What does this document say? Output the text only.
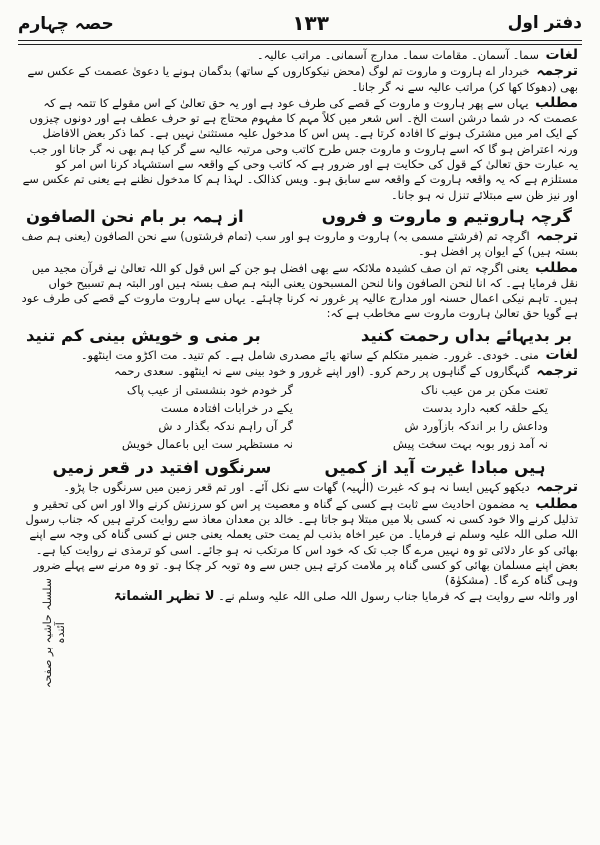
دفتر اول
۱۳۳
حصہ چہارم

لغات سما۔ آسمان۔ مقامات سما۔ مدارج آسمانی۔ مراتب عالیہ۔

ترجمہ خبردار اے ہاروت و ماروت تم لوگ (محض نیکوکاروں کے ساتھ) بدگمان ہونے یا دعویٰ عصمت کے عکس سے بھی (دھوکا کھا کر) مراتب عالیہ سے نہ گر جانا۔

مطلب یہاں سے پھر ہاروت و ماروت کے قصے کی طرف عود ہے اور یہ حق تعالیٰ کے اس مقولے کا تتمہ ہے کہ عصمت کہ در شما درشن است الخ۔ اس شعر میں کلاً مہم کا مفہوم محتاج ہے تو حرف عطف ہے اور دونوں چیزوں کے ایک امر میں مشترک ہونے کا افادہ کرتا ہے۔ پس اس کا مدخول علیہ مستثنیٰ نہیں ہے۔ کما ذکر بعض الافاضل ورنہ اعتراض ہو گا کہ اسے ہاروت و ماروت جس طرح کاتب وحی مرتبہ عالیہ سے گر کیا ہم بھی نہ گر جانا اور جب یہ عبارت حق تعالیٰ کے قول کی حکایت ہے اور ضرور ہے کہ کاتب وحی کے واقعہ سے استشہاد کرنا اس امر کو مستلزم ہے کہ یہ واقعہ ہاروت کے واقعہ سے سابق ہو۔ ویس کذالک۔ لہذا ہم کا مدخول نظنے ہے یعنی تم عکس سے اور نیز ظن سے مبتلائے تنزل نہ ہو جانا۔

گرچہ ہاروتیم و ماروت و فروں
از ہمہ بر بام نحن الصافون

ترجمہ اگرچہ تم (فرشتے مسمی بہ) ہاروت و ماروت ہو اور سب (تمام فرشتوں) سے نحن الصافون (یعنی ہم صف بستہ ہیں) کے ایوان پر افضل ہو۔

مطلب یعنی اگرچہ تم ان صف کشیدہ ملائکہ سے بھی افضل ہو جن کے اس قول کو اللہ تعالیٰ نے قرآن مجید میں نقل فرمایا ہے۔ کہ انا لنحن الصافون وانا لنحن المسبحون یعنی البتہ ہم صف بستہ ہیں اور البتہ ہم تسبیح خواں ہیں۔ تاہم نیکی اعمال حسنہ اور مدارج عالیہ پر غرور نہ کرنا چاہئے۔ یہاں سے ہاروت ماروت کے قصے کی طرف عود ہے گویا حق تعالیٰ ہاروت ماروت سے مخاطب ہے کہ:

بر بدیہائے بداں رحمت کنید
بر منی و خویش بینی کم تنید

لغات منی۔ خودی۔ غرور۔ ضمیر متکلم کے ساتھ یائے مصدری شامل ہے۔ کم تنید۔ مت اکڑو مت اینٹھو۔

ترجمہ گنہگاروں کے گناہوں پر رحم کرو۔ (اور اپنے غرور و خود بینی سے نہ اینٹھو۔ سعدی رحمہ

تعنت مکن بر من عیب ناک
گر خودم خود بنشستی از عیب پاک
یکے حلقہ کعبہ دارد بدست
یکے در خرابات افتادہ مست
وداعش را بر اندکہ بازآورد ش
گر آں راہم ندکہ بگذار د ش
نہ آمد زور بوبہ بہت سخت پیش
نہ مستظہر ست ایں باعمال خویش
ہیں مبادا غیرت آید از کمیں
سرنگوں افتید در قعر زمیں

ترجمہ دیکھو کہیں ایسا نہ ہو کہ غیرت (الٰہیہ) گھات سے نکل آئے۔ اور تم قعر زمین میں سرنگوں جا پڑو۔

مطلب یہ مضمون احادیث سے ثابت ہے کسی کے گناہ و معصیت پر اس کو سرزنش کرنے والا اور اس کی تحقیر و تذلیل کرنے والا خود کسی نہ کسی بلا میں مبتلا ہو جاتا ہے۔ خالد بن معدان معاذ سے روایت کرتے ہیں کہ جناب رسول اللہ صلی اللہ علیہ وسلم نے فرمایا۔ من عیر اخاہ بذنب لم یمت حتی یعملہ یعنی جس نے کسی گناہ کی وجہ سے اپنے بھائی کو عار دلائی تو وہ نہیں مرے گا جب تک کہ خود اس کا مرتکب نہ ہو جائے۔ اسی کو ترمذی نے روایت کیا ہے۔ بعض اپنے مسلمان بھائی کو کسی گناہ پر ملامت کرتے ہیں جس سے وہ توبہ کر چکا ہو۔ تو وہ مرنے سے پہلے ضرور وہی گناہ کرے گا۔ (مشکوٰۃ)

اور واثلہ سے روایت ہے کہ فرمایا جناب رسول اللہ صلی اللہ علیہ وسلم نے۔ لا تظہر الشماتۃ

سلسلہ حاشیہ بر صفحہ آئندہ
